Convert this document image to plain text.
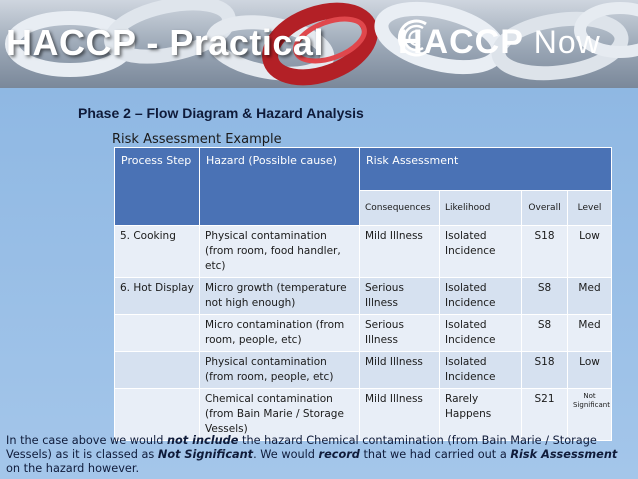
HACCP - Practical HACCP Now
Phase 2 – Flow Diagram & Hazard Analysis
Risk Assessment Example
Process Step	Hazard (Possible cause)	Risk Assessment			
		Consequences	Likelihood	Overall	Level
5. Cooking	Physical contamination (from room, food handler, etc)	Mild Illness	Isolated Incidence	S18	Low
6. Hot Display	Micro growth (temperature not high enough)	Serious Illness	Isolated Incidence	S8	Med
	Micro contamination (from room, people, etc)	Serious Illness	Isolated Incidence	S8	Med
	Physical contamination (from room, people, etc)	Mild Illness	Isolated Incidence	S18	Low
	Chemical contamination (from Bain Marie / Storage Vessels)	Mild Illness	Rarely Happens	S21	Not Significant
In the case above we would not include the hazard Chemical contamination (from Bain Marie / Storage Vessels) as it is classed as Not Significant. We would record that we had carried out a Risk Assessment on the hazard however.
